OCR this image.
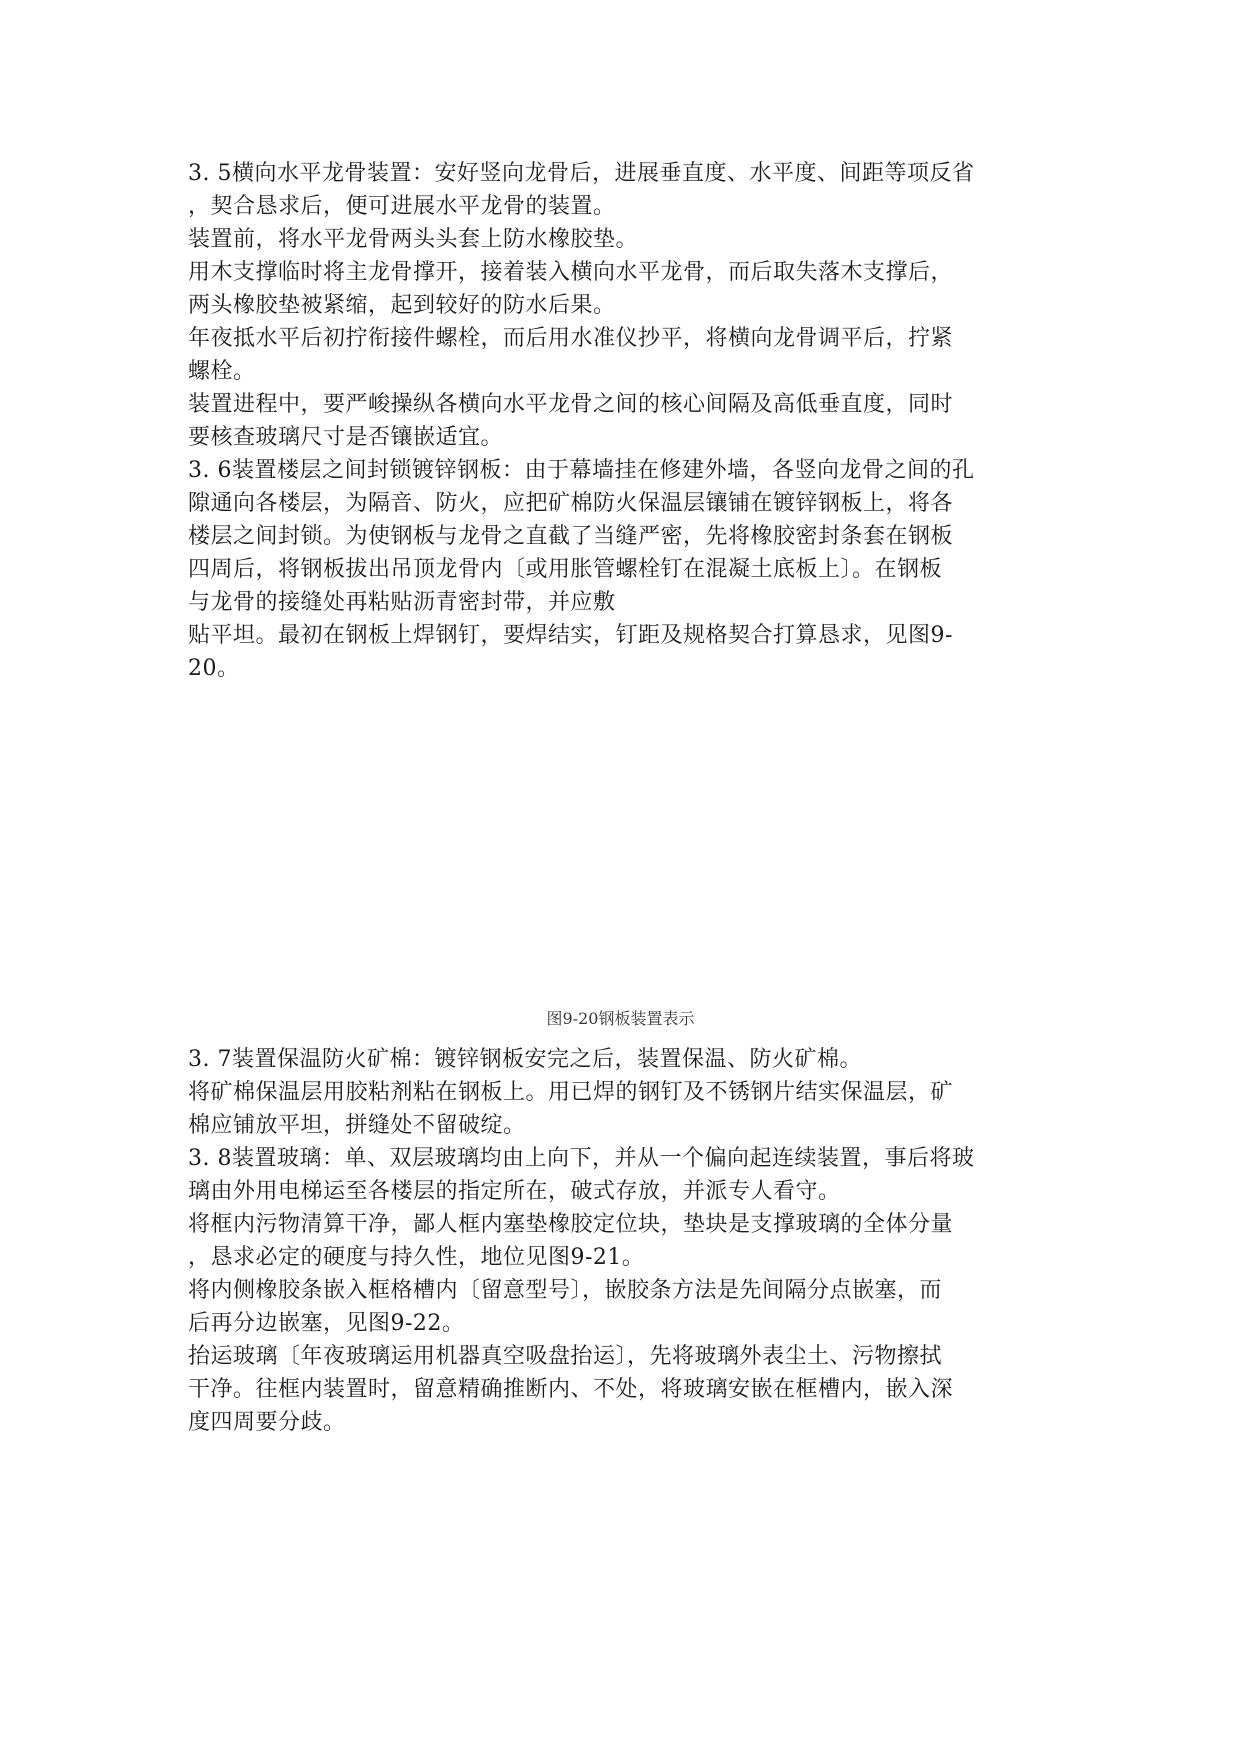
3. 5横向水平龙骨装置：安好竖向龙骨后，进展垂直度、水平度、间距等项反省

，契合恳求后，便可进展水平龙骨的装置。

装置前，将水平龙骨两头头套上防水橡胶垫。

用木支撑临时将主龙骨撑开，接着装入横向水平龙骨，而后取失落木支撑后，

两头橡胶垫被紧缩，起到较好的防水后果。

年夜抵水平后初拧衔接件螺栓，而后用水准仪抄平，将横向龙骨调平后，拧紧

螺栓。

装置进程中，要严峻操纵各横向水平龙骨之间的核心间隔及高低垂直度，同时

要核查玻璃尺寸是否镶嵌适宜。

3. 6装置楼层之间封锁镀锌钢板：由于幕墙挂在修建外墙，各竖向龙骨之间的孔

隙通向各楼层，为隔音、防火，应把矿棉防火保温层镶铺在镀锌钢板上，将各

楼层之间封锁。为使钢板与龙骨之直截了当缝严密，先将橡胶密封条套在钢板

四周后，将钢板拔出吊顶龙骨内〔或用胀管螺栓钉在混凝土底板上〕。在钢板

与龙骨的接缝处再粘贴沥青密封带，并应敷

贴平坦。最初在钢板上焊钢钉，要焊结实，钉距及规格契合打算恳求，见图9-

20。

图9-20钢板装置表示

3. 7装置保温防火矿棉：镀锌钢板安完之后，装置保温、防火矿棉。

将矿棉保温层用胶粘剂粘在钢板上。用已焊的钢钉及不锈钢片结实保温层，矿

棉应铺放平坦，拼缝处不留破绽。

3. 8装置玻璃：单、双层玻璃均由上向下，并从一个偏向起连续装置，事后将玻

璃由外用电梯运至各楼层的指定所在，破式存放，并派专人看守。

将框内污物清算干净，鄙人框内塞垫橡胶定位块，垫块是支撑玻璃的全体分量

，恳求必定的硬度与持久性，地位见图9-21。

将内侧橡胶条嵌入框格槽内〔留意型号〕，嵌胶条方法是先间隔分点嵌塞，而

后再分边嵌塞，见图9-22。

抬运玻璃〔年夜玻璃运用机器真空吸盘抬运〕，先将玻璃外表尘土、污物擦拭

干净。往框内装置时，留意精确推断内、不处，将玻璃安嵌在框槽内，嵌入深

度四周要分歧。
